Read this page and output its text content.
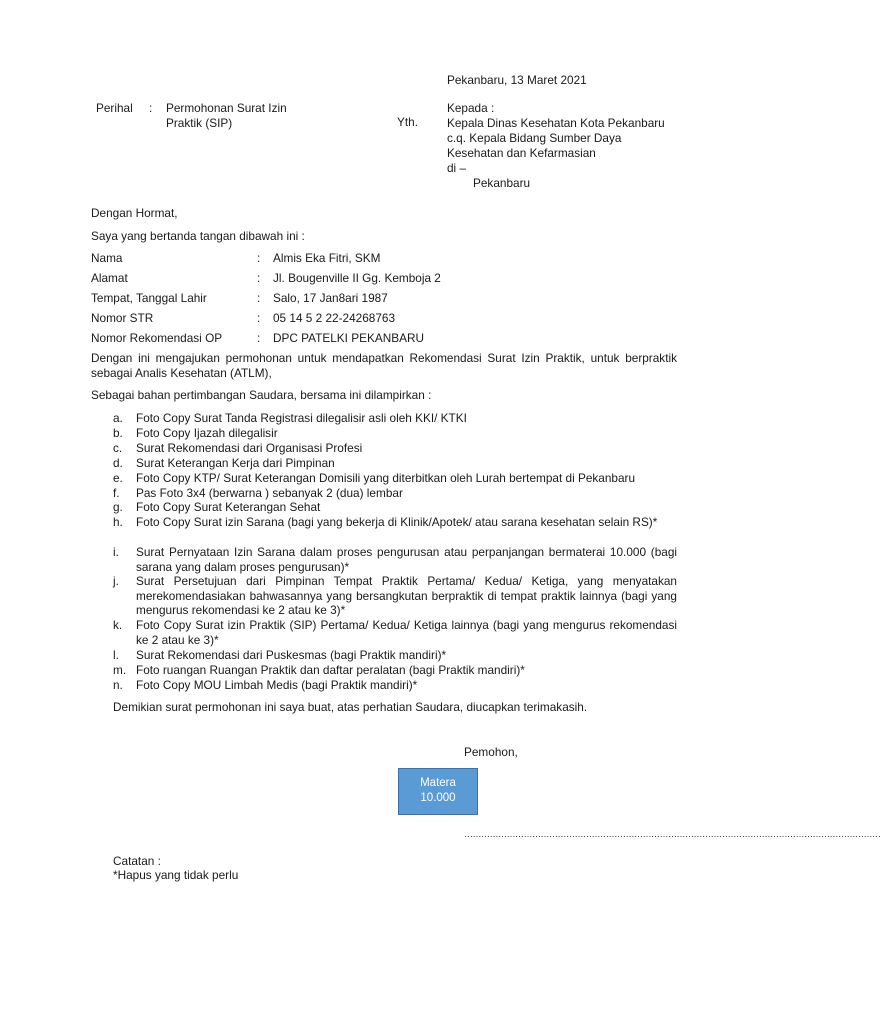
Pekanbaru, 13 Maret 2021
Perihal : Permohonan Surat Izin
Praktik (SIP)	Yth.
Kepada :
Kepala Dinas Kesehatan Kota Pekanbaru
c.q. Kepala Bidang Sumber Daya
Kesehatan dan Kefarmasian
di –
Pekanbaru
Dengan Hormat,
Saya yang bertanda tangan dibawah ini :
Nama	: Almis Eka Fitri, SKM
Alamat	: Jl. Bougenville II Gg. Kemboja 2
Tempat, Tanggal Lahir	: Salo, 17 Jan8ari 1987
Nomor STR	: 05 14 5 2 22-24268763
Nomor Rekomendasi OP	: DPC PATELKI PEKANBARU
Dengan ini mengajukan permohonan untuk mendapatkan Rekomendasi Surat Izin Praktik, untuk berpraktik sebagai Analis Kesehatan (ATLM),
Sebagai bahan pertimbangan Saudara, bersama ini dilampirkan :
a. Foto Copy Surat Tanda Registrasi dilegalisir asli oleh KKI/ KTKI
b. Foto Copy Ijazah dilegalisir
c. Surat Rekomendasi dari Organisasi Profesi
d. Surat Keterangan Kerja dari Pimpinan
e. Foto Copy KTP/ Surat Keterangan Domisili yang diterbitkan oleh Lurah bertempat di Pekanbaru
f. Pas Foto 3x4 (berwarna ) sebanyak 2 (dua) lembar
g. Foto Copy Surat Keterangan Sehat
h. Foto Copy Surat izin Sarana (bagi yang bekerja di Klinik/Apotek/ atau sarana kesehatan selain RS)*
i. Surat Pernyataan Izin Sarana dalam proses pengurusan atau perpanjangan bermaterai 10.000 (bagi sarana yang dalam proses pengurusan)*
j. Surat Persetujuan dari Pimpinan Tempat Praktik Pertama/ Kedua/ Ketiga, yang menyatakan merekomendasiakan bahwasannya yang bersangkutan berpraktik di tempat praktik lainnya (bagi yang mengurus rekomendasi ke 2 atau ke 3)*
k. Foto Copy Surat izin Praktik (SIP) Pertama/ Kedua/ Ketiga lainnya (bagi yang mengurus rekomendasi ke 2 atau ke 3)*
l. Surat Rekomendasi dari Puskesmas (bagi Praktik mandiri)*
m. Foto ruangan Ruangan Praktik dan daftar peralatan (bagi Praktik mandiri)*
n. Foto Copy MOU Limbah Medis (bagi Praktik mandiri)*
Demikian surat permohonan ini saya buat, atas perhatian Saudara, diucapkan terimakasih.
Pemohon,
Matera
10.000
…………………………………………………………………………………………………………………………………
Catatan :
*Hapus yang tidak perlu
